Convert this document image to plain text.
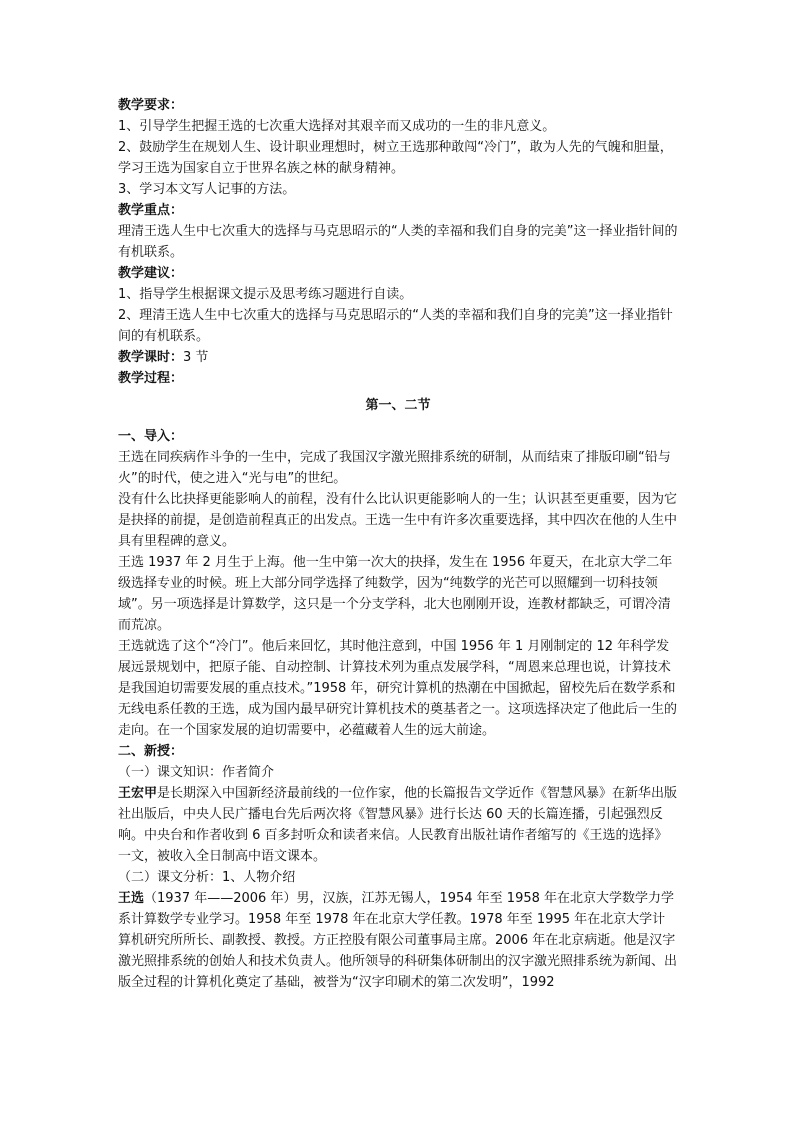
教学要求：

1、引导学生把握王选的七次重大选择对其艰辛而又成功的一生的非凡意义。

2、鼓励学生在规划人生、设计职业理想时，树立王选那种敢闯“冷门”，敢为人先的气魄和胆量，学习王选为国家自立于世界名族之林的献身精神。

3、学习本文写人记事的方法。

教学重点：

理清王选人生中七次重大的选择与马克思昭示的“人类的幸福和我们自身的完美”这一择业指针间的有机联系。

教学建议：

1、指导学生根据课文提示及思考练习题进行自读。

2、理清王选人生中七次重大的选择与马克思昭示的“人类的幸福和我们自身的完美”这一择业指针间的有机联系。

教学课时：3 节

教学过程：

第一、二节

一、导入：

王选在同疾病作斗争的一生中，完成了我国汉字激光照排系统的研制，从而结束了排版印刷“铅与火”的时代，使之进入“光与电”的世纪。

没有什么比抉择更能影响人的前程，没有什么比认识更能影响人的一生；认识甚至更重要，因为它是抉择的前提，是创造前程真正的出发点。王选一生中有许多次重要选择，其中四次在他的人生中具有里程碑的意义。

王选 1937 年 2 月生于上海。他一生中第一次大的抉择，发生在 1956 年夏天，在北京大学二年级选择专业的时候。班上大部分同学选择了纯数学，因为“纯数学的光芒可以照耀到一切科技领域”。另一项选择是计算数学，这只是一个分支学科，北大也刚刚开设，连教材都缺乏，可谓冷清而荒凉。

王选就选了这个“冷门”。他后来回忆，其时他注意到，中国 1956 年 1 月刚制定的 12 年科学发展远景规划中，把原子能、自动控制、计算技术列为重点发展学科，“周恩来总理也说，计算技术是我国迫切需要发展的重点技术。”1958 年，研究计算机的热潮在中国掀起，留校先后在数学系和无线电系任教的王选，成为国内最早研究计算机技术的奠基者之一。这项选择决定了他此后一生的走向。在一个国家发展的迫切需要中，必蕴藏着人生的远大前途。

二、新授：

（一）课文知识：作者简介

王宏甲是长期深入中国新经济最前线的一位作家，他的长篇报告文学近作《智慧风暴》在新华出版社出版后，中央人民广播电台先后两次将《智慧风暴》进行长达 60 天的长篇连播，引起强烈反响。中央台和作者收到 6 百多封听众和读者来信。人民教育出版社请作者缩写的《王选的选择》一文，被收入全日制高中语文课本。

（二）课文分析：1、人物介绍

王选（1937 年——2006 年）男，汉族，江苏无锡人，1954 年至 1958 年在北京大学数学力学系计算数学专业学习。1958 年至 1978 年在北京大学任教。1978 年至 1995 年在北京大学计算机研究所所长、副教授、教授。方正控股有限公司董事局主席。2006 年在北京病逝。他是汉字激光照排系统的创始人和技术负责人。他所领导的科研集体研制出的汉字激光照排系统为新闻、出版全过程的计算机化奠定了基础，被誉为“汉字印刷术的第二次发明”，1992
